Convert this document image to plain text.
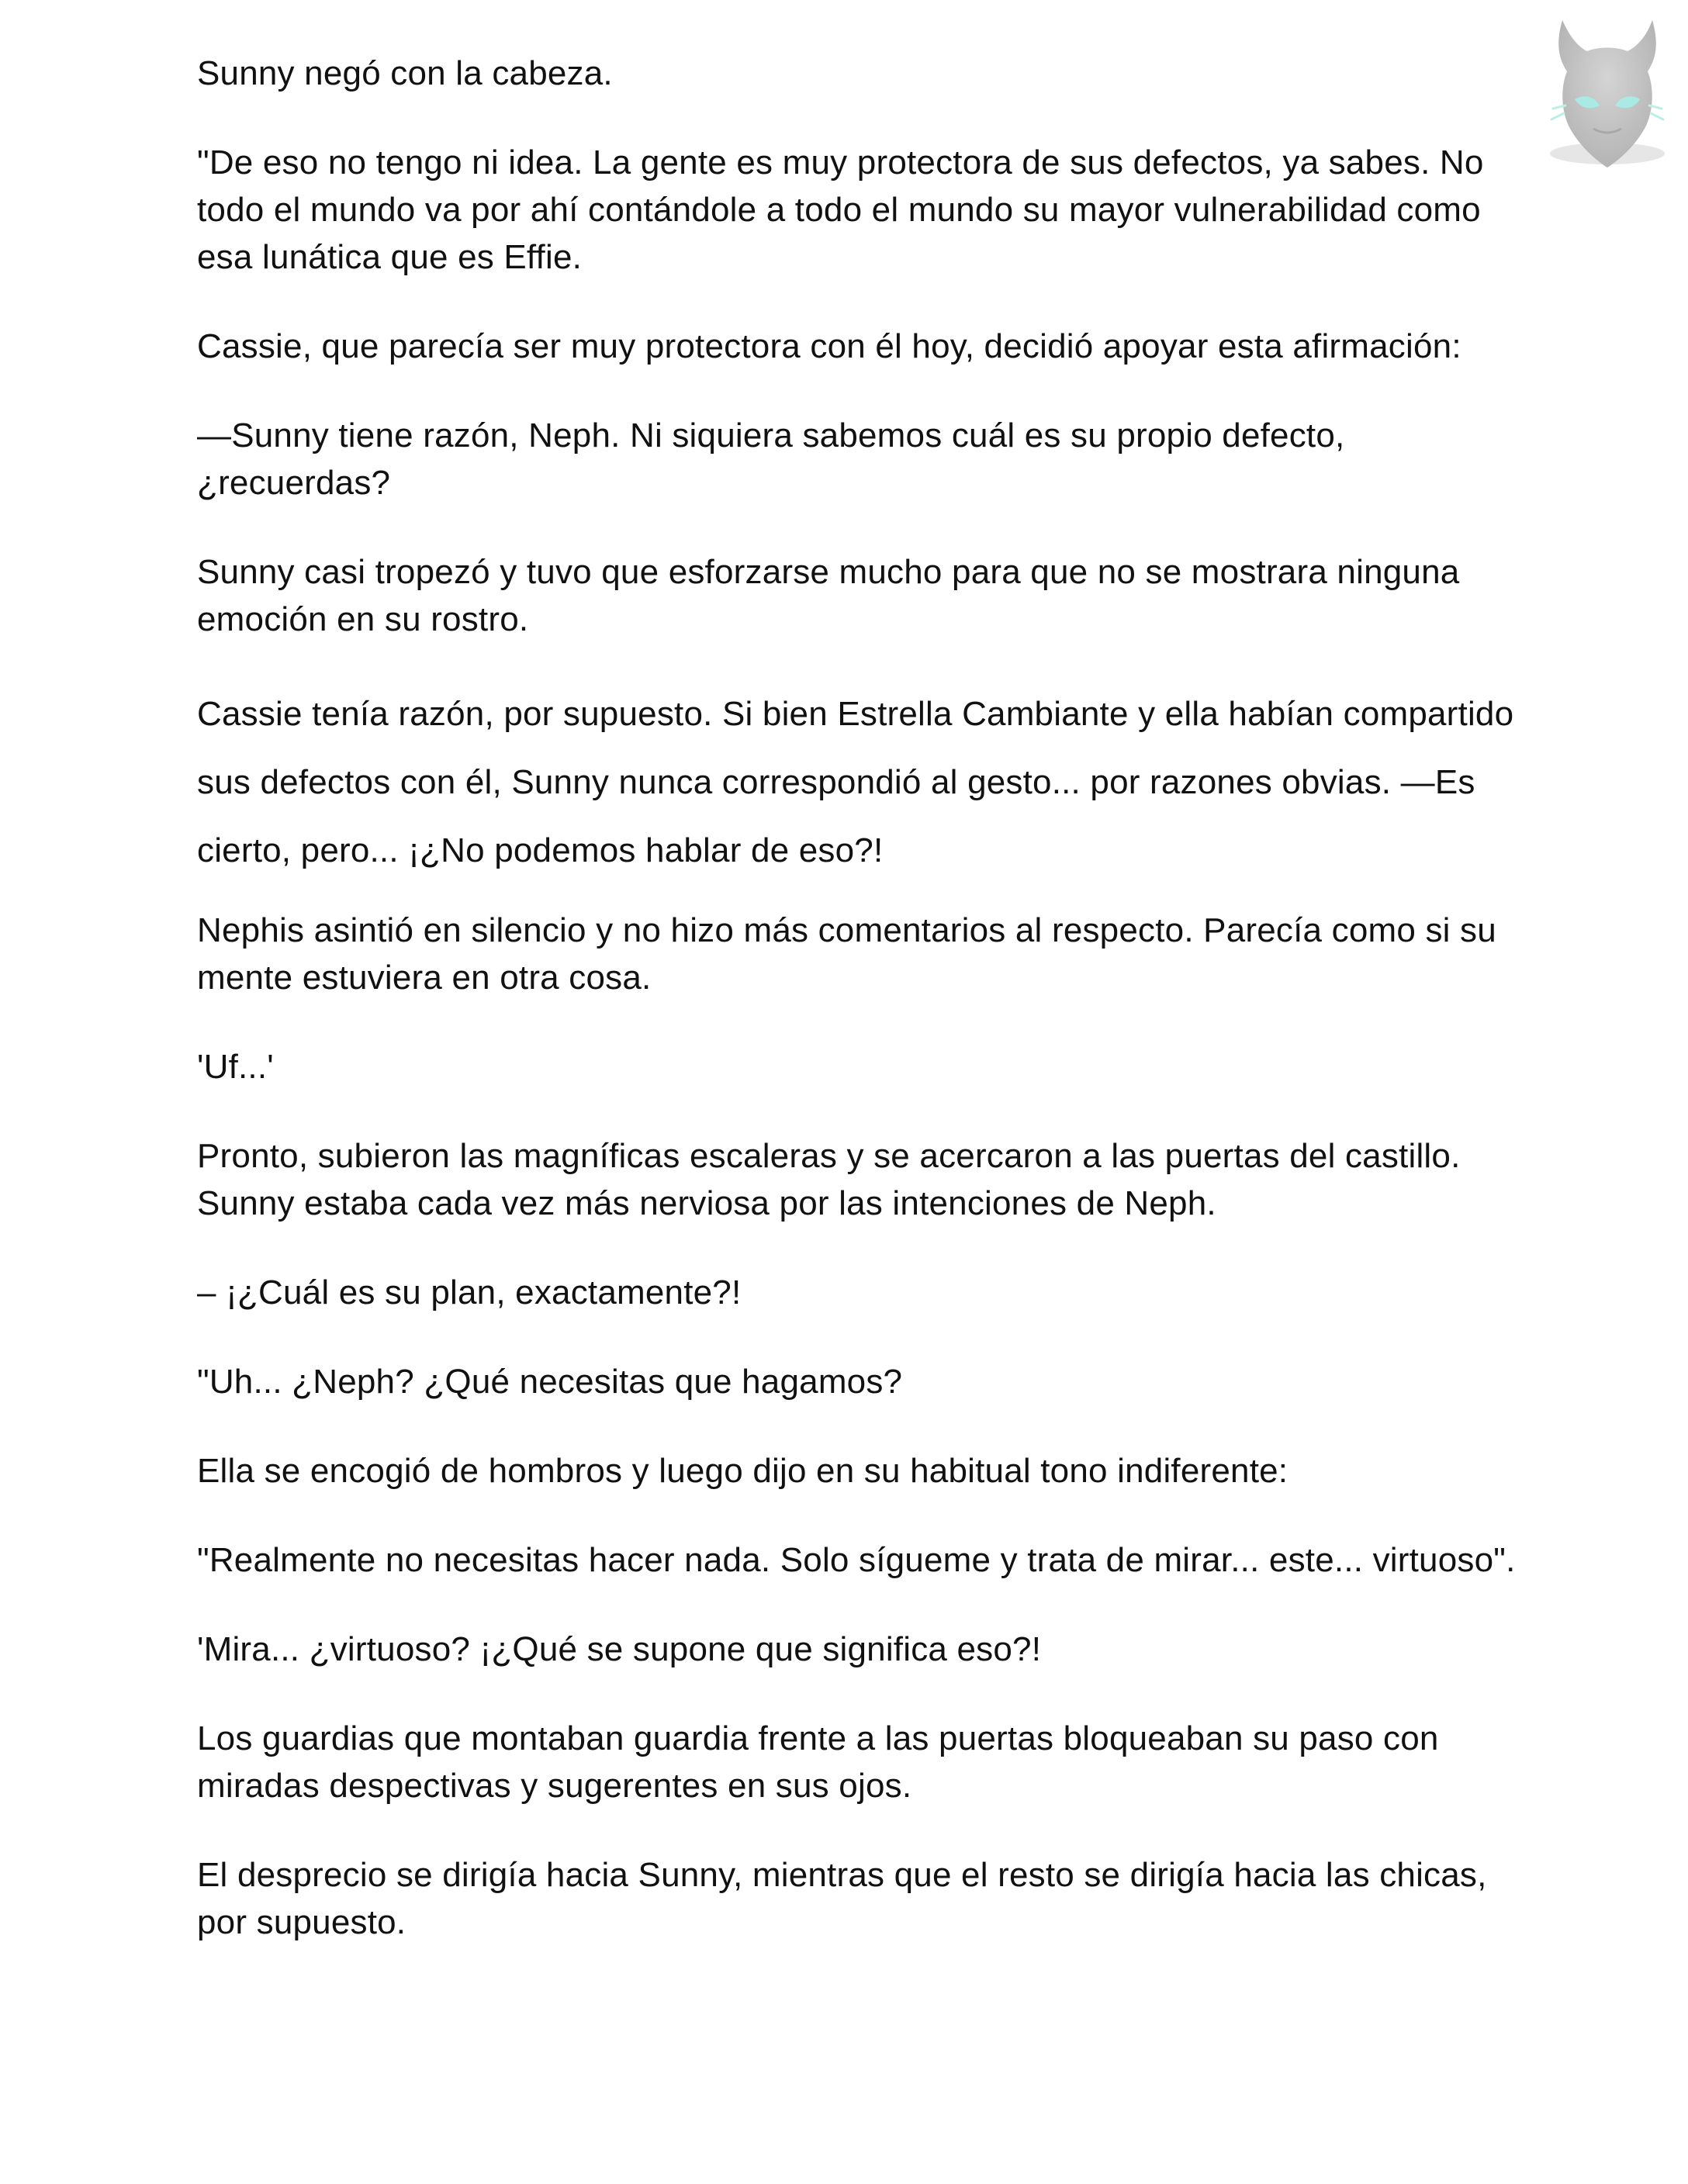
Sunny negó con la cabeza.

"De eso no tengo ni idea. La gente es muy protectora de sus defectos, ya sabes. No todo el mundo va por ahí contándole a todo el mundo su mayor vulnerabilidad como esa lunática que es Effie.

Cassie, que parecía ser muy protectora con él hoy, decidió apoyar esta afirmación:

—Sunny tiene razón, Neph. Ni siquiera sabemos cuál es su propio defecto, ¿recuerdas?

Sunny casi tropezó y tuvo que esforzarse mucho para que no se mostrara ninguna emoción en su rostro.

Cassie tenía razón, por supuesto. Si bien Estrella Cambiante y ella habían compartido sus defectos con él, Sunny nunca correspondió al gesto... por razones obvias. —Es cierto, pero... ¡¿No podemos hablar de eso?!

Nephis asintió en silencio y no hizo más comentarios al respecto. Parecía como si su mente estuviera en otra cosa.

'Uf...'

Pronto, subieron las magníficas escaleras y se acercaron a las puertas del castillo. Sunny estaba cada vez más nerviosa por las intenciones de Neph.

– ¡¿Cuál es su plan, exactamente?!

"Uh... ¿Neph? ¿Qué necesitas que hagamos?

Ella se encogió de hombros y luego dijo en su habitual tono indiferente:

"Realmente no necesitas hacer nada. Solo sígueme y trata de mirar... este... virtuoso".

'Mira... ¿virtuoso? ¡¿Qué se supone que significa eso?!

Los guardias que montaban guardia frente a las puertas bloqueaban su paso con miradas despectivas y sugerentes en sus ojos.

El desprecio se dirigía hacia Sunny, mientras que el resto se dirigía hacia las chicas, por supuesto.
